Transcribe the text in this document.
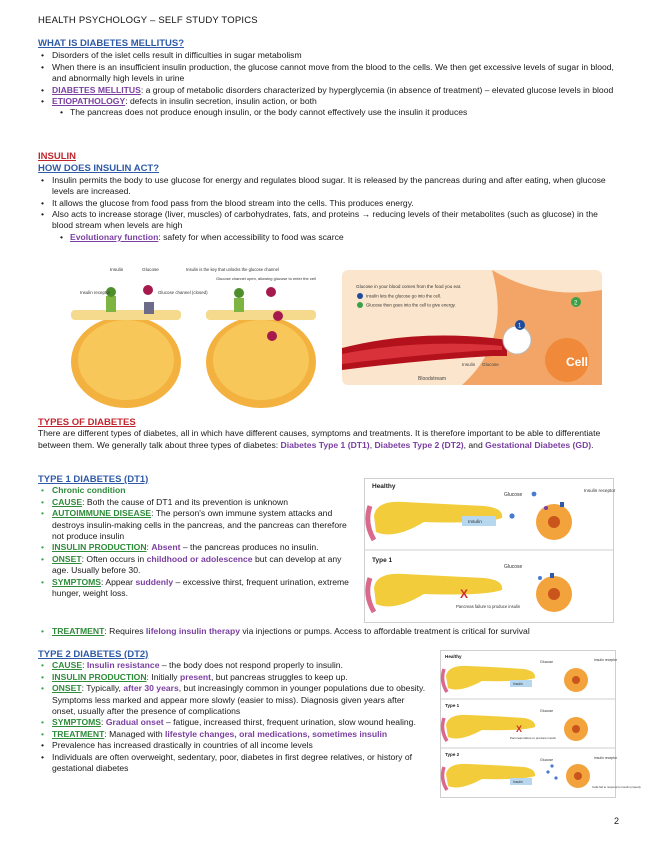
HEALTH PSYCHOLOGY – SELF STUDY TOPICS
WHAT IS DIABETES MELLITUS?
• Disorders of the islet cells result in difficulties in sugar metabolism
• When there is an insufficient insulin production, the glucose cannot move from the blood to the cells. We then get excessive levels of sugar in blood, and abnormally high levels in urine
• DIABETES MELLITUS: a group of metabolic disorders characterized by hyperglycemia (in absence of treatment) – elevated glucose levels in blood
• ETIOPATHOLOGY: defects in insulin secretion, insulin action, or both
• The pancreas does not produce enough insulin, or the body cannot effectively use the insulin it produces
INSULIN
HOW DOES INSULIN ACT?
• Insulin permits the body to use glucose for energy and regulates blood sugar. It is released by the pancreas during and after eating, when glucose levels are increased.
• It allows the glucose from food pass from the blood stream into the cells. This produces energy.
• Also acts to increase storage (liver, muscles) of carbohydrates, fats, and proteins → reducing levels of their metabolites (such as glucose) in the blood stream when levels are high
• Evolutionary function: safety for when accessibility to food was scarce
Insulin	Glucose
Insulin receptor	Glucose channel (closed)
Insulin is the key that unlocks the glucose channel
Glucose channel open, allowing glucose to enter the cell
1
2
Glucose in your blood comes from the food you eat.
Insulin lets the glucose go into the cell.
Glucose then goes into the cell to give energy.
Bloodstream
Insulin Glucose	Cell
TYPES OF DIABETES
There are different types of diabetes, all in which have different causes, symptoms and treatments. It is therefore important to be able to differentiate between them. We generally talk about three types of diabetes: Diabetes Type 1 (DT1), Diabetes Type 2 (DT2), and Gestational Diabetes (GD).
TYPE 1 DIABETES (DT1)
• Chronic condition
• CAUSE: Both the cause of DT1 and its prevention is unknown
• AUTOIMMUNE DISEASE: The person's own immune system attacks and destroys insulin-making cells in the pancreas, and the pancreas can therefore not produce insulin
• INSULIN PRODUCTION: Absent – the pancreas produces no insulin.
• ONSET: Often occurs in childhood or adolescence but can develop at any age. Usually before 30.
• SYMPTOMS: Appear suddenly – excessive thirst, frequent urination, extreme hunger, weight loss.
• TREATMENT: Requires lifelong insulin therapy via injections or pumps. Access to affordable treatment is critical for survival
Healthy
Insulin
Glucose
Insulin receptor
Type 1
X
Pancreas failure to produce insulin
Glucose
TYPE 2 DIABETES (DT2)
• CAUSE: Insulin resistance – the body does not respond properly to insulin.
• INSULIN PRODUCTION: Initially present, but pancreas struggles to keep up.
• ONSET: Typically, after 30 years, but increasingly common in younger populations due to obesity. Symptoms less marked and appear more slowly (easier to miss). Diagnosis given years after onset, usually after the presence of complications
• SYMPTOMS: Gradual onset – fatigue, increased thirst, frequent urination, slow wound healing.
• TREATMENT: Managed with lifestyle changes, oral medications, sometimes insulin
• Prevalence has increased drastically in countries of all income levels
• Individuals are often overweight, sedentary, poor, diabetes in first degree relatives, or history of gestational diabetes
Healthy
Insulin
Glucose	Insulin receptor
Type 1
X
Pancreas failure to produce insulin
Glucose
Type 2
Insulin
Glucose	Insulin receptor
Cells fail to respond to insulin properly
2
